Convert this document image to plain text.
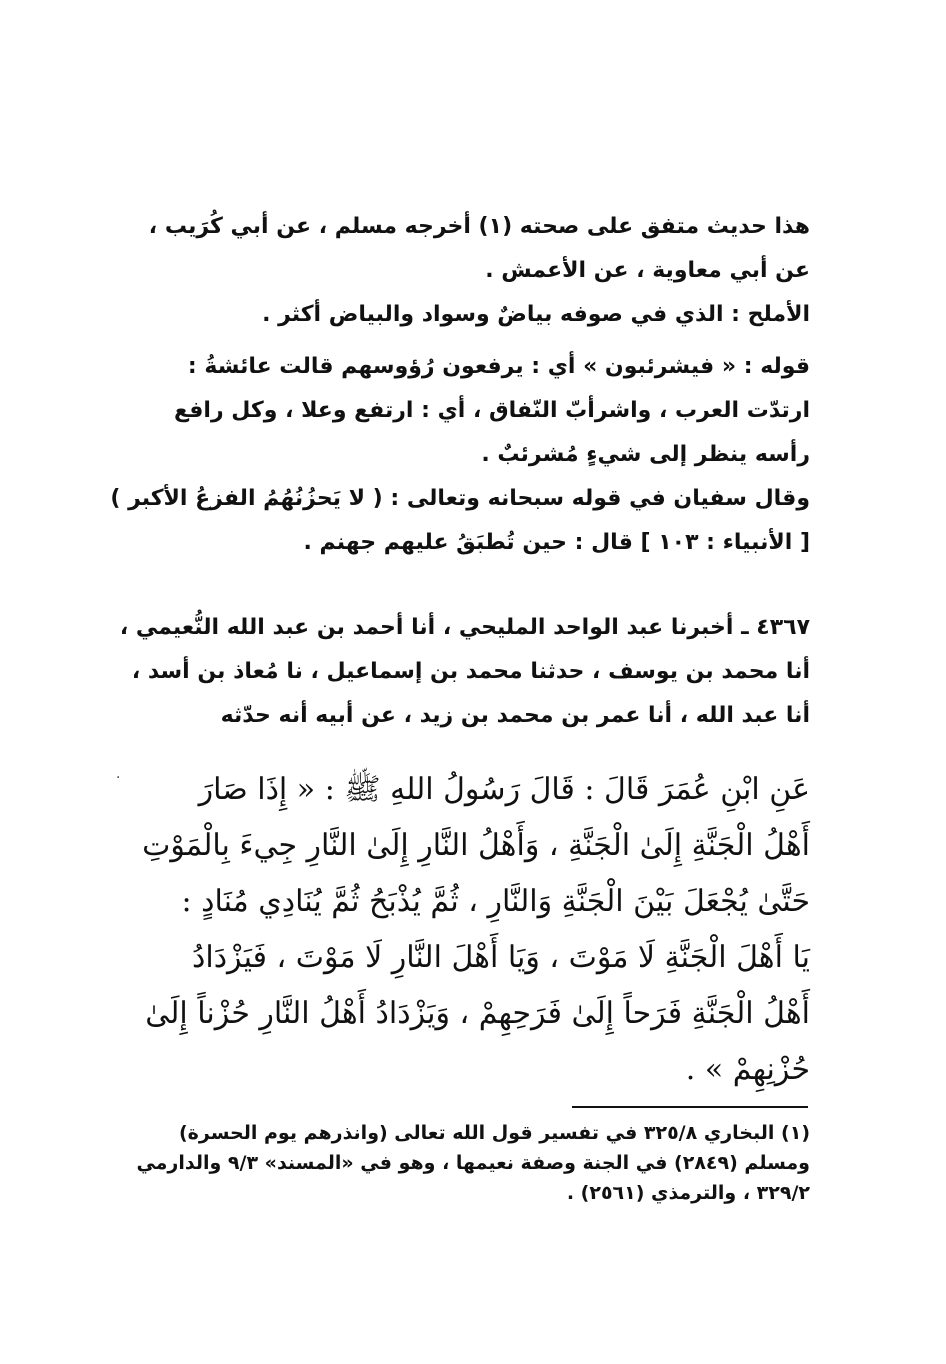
هذا حديث متفق على صحته (١) أخرجه مسلم ، عن أبي كُرَيب ،
عن أبي معاوية ، عن الأعمش .
الأملح : الذي في صوفه بياضٌ وسواد والبياض أكثر .
قوله : « فيشرئبون » أي : يرفعون رُؤوسهم قالت عائشةُ :
ارتدّت العرب ، واشرأبّ النّفاق ، أي : ارتفع وعلا ، وكل رافع
رأسه ينظر إلى شيءٍ مُشرئبٌ .
وقال سفيان في قوله سبحانه وتعالى : ( لا يَحزُنُهُمُ الفزعُ الأكبر )
[ الأنبياء : ١٠٣ ] قال : حين تُطبَقُ عليهم جهنم .
٤٣٦٧ ـ أخبرنا عبد الواحد المليحي ، أنا أحمد بن عبد الله النُّعيمي ،
أنا محمد بن يوسف ، حدثنا محمد بن إسماعيل ، نا مُعاذ بن أسد ،
أنا عبد الله ، أنا عمر بن محمد بن زيد ، عن أبيه أنه حدّثه
عَنِ ابْنِ عُمَرَ قَالَ : قَالَ رَسُولُ اللهِ ﷺ : « إِذَا صَارَ
أَهْلُ الْجَنَّةِ إِلَىٰ الْجَنَّةِ ، وَأَهْلُ النَّارِ إِلَىٰ النَّارِ جِيءَ بِالْمَوْتِ
حَتَّىٰ يُجْعَلَ بَيْنَ الْجَنَّةِ وَالنَّارِ ، ثُمَّ يُذْبَحُ ثُمَّ يُنَادِي مُنَادٍ :
يَا أَهْلَ الْجَنَّةِ لَا مَوْتَ ، وَيَا أَهْلَ النَّارِ لَا مَوْتَ ، فَيَزْدَادُ
أَهْلُ الْجَنَّةِ فَرَحاً إِلَىٰ فَرَحِهِمْ ، وَيَزْدَادُ أَهْلُ النَّارِ حُزْناً إِلَىٰ
حُزْنِهِمْ » .
·
(١) البخاري ٣٢٥/٨ في تفسير قول الله تعالى (وانذرهم يوم الحسرة)
ومسلم (٢٨٤٩) في الجنة وصفة نعيمها ، وهو في «المسند» ٩/٣ والدارمي
٣٢٩/٢ ، والترمذي (٢٥٦١) .
